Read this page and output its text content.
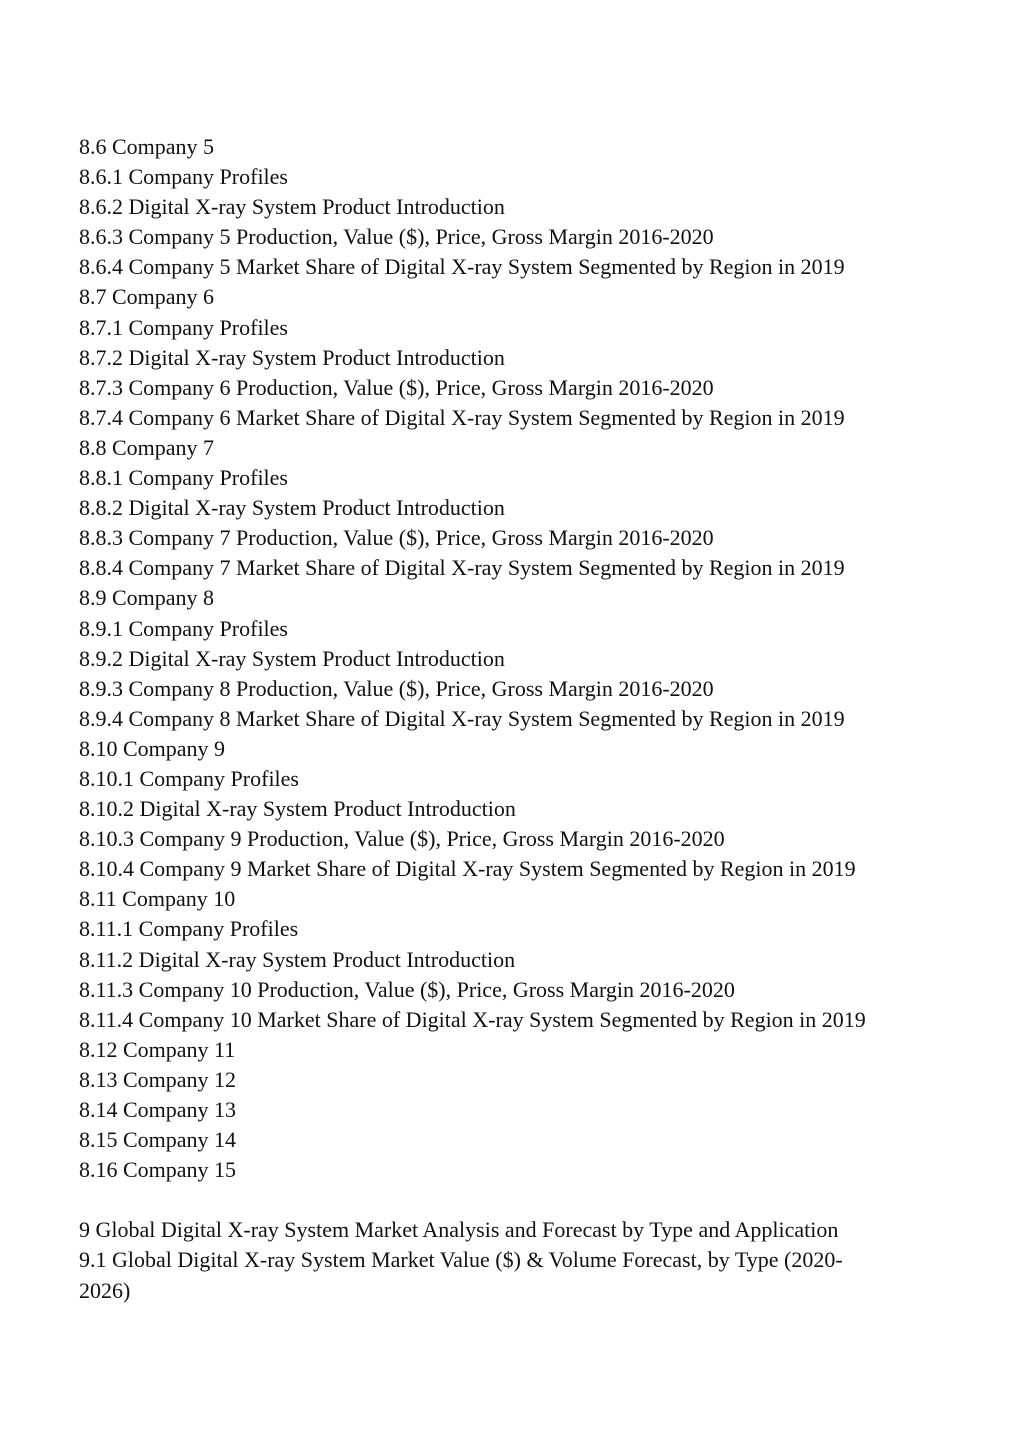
8.6 Company 5
8.6.1 Company Profiles
8.6.2 Digital X-ray System Product Introduction
8.6.3 Company 5 Production, Value ($), Price, Gross Margin 2016-2020
8.6.4 Company 5 Market Share of Digital X-ray System Segmented by Region in 2019
8.7 Company 6
8.7.1 Company Profiles
8.7.2 Digital X-ray System Product Introduction
8.7.3 Company 6 Production, Value ($), Price, Gross Margin 2016-2020
8.7.4 Company 6 Market Share of Digital X-ray System Segmented by Region in 2019
8.8 Company 7
8.8.1 Company Profiles
8.8.2 Digital X-ray System Product Introduction
8.8.3 Company 7 Production, Value ($), Price, Gross Margin 2016-2020
8.8.4 Company 7 Market Share of Digital X-ray System Segmented by Region in 2019
8.9 Company 8
8.9.1 Company Profiles
8.9.2 Digital X-ray System Product Introduction
8.9.3 Company 8 Production, Value ($), Price, Gross Margin 2016-2020
8.9.4 Company 8 Market Share of Digital X-ray System Segmented by Region in 2019
8.10 Company 9
8.10.1 Company Profiles
8.10.2 Digital X-ray System Product Introduction
8.10.3 Company 9 Production, Value ($), Price, Gross Margin 2016-2020
8.10.4 Company 9 Market Share of Digital X-ray System Segmented by Region in 2019
8.11 Company 10
8.11.1 Company Profiles
8.11.2 Digital X-ray System Product Introduction
8.11.3 Company 10 Production, Value ($), Price, Gross Margin 2016-2020
8.11.4 Company 10 Market Share of Digital X-ray System Segmented by Region in 2019
8.12 Company 11
8.13 Company 12
8.14 Company 13
8.15 Company 14
8.16 Company 15
9 Global Digital X-ray System Market Analysis and Forecast by Type and Application
9.1 Global Digital X-ray System Market Value ($) & Volume Forecast, by Type (2020-2026)
